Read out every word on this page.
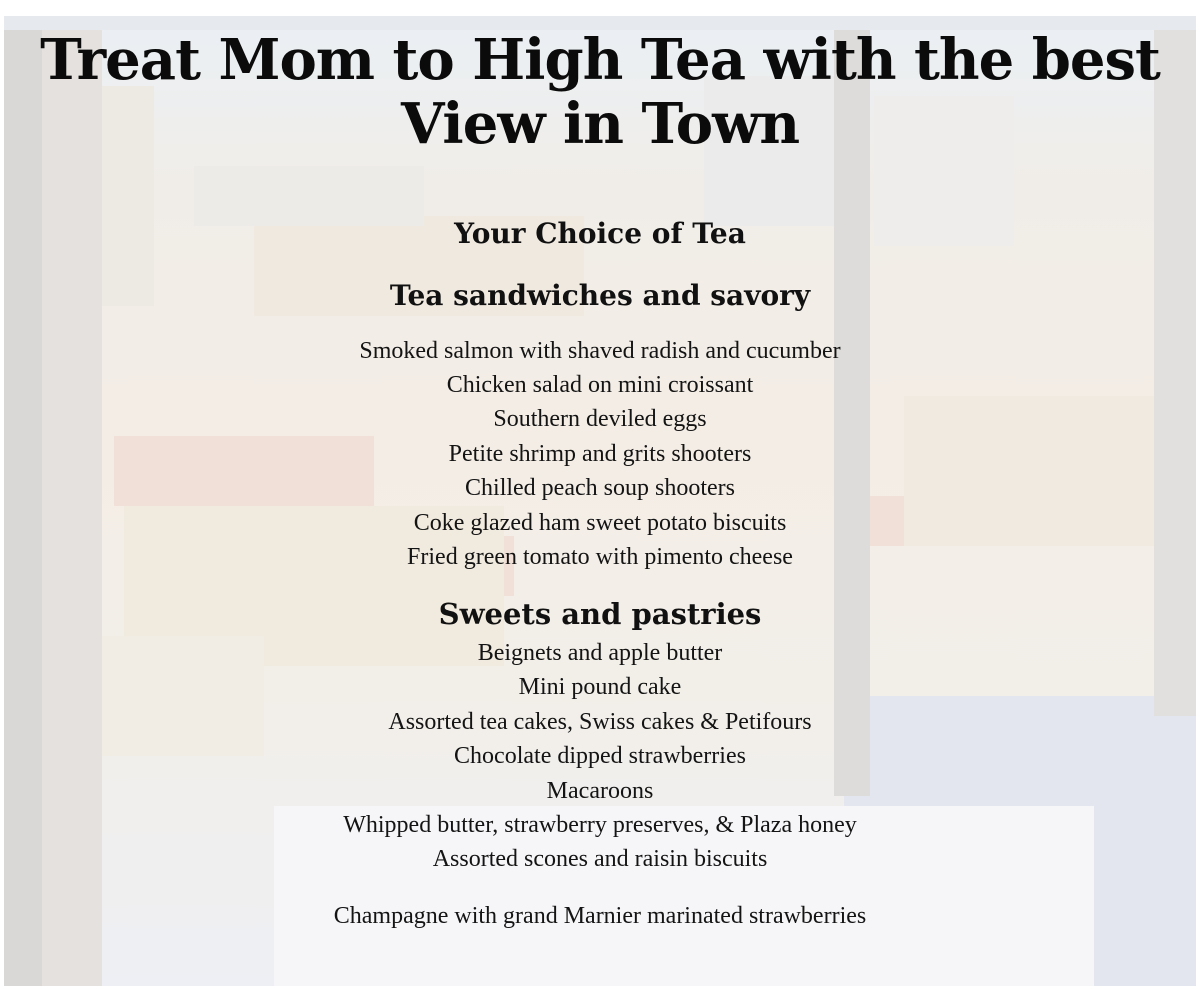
Treat Mom to High Tea with the best View in Town
Your Choice of Tea
Tea sandwiches and savory
Smoked salmon with shaved radish and cucumber
Chicken salad on mini croissant
Southern deviled eggs
Petite shrimp and grits shooters
Chilled peach soup shooters
Coke glazed ham sweet potato biscuits
Fried green tomato with pimento cheese
Sweets and pastries
Beignets and apple butter
Mini pound cake
Assorted tea cakes, Swiss cakes & Petifours
Chocolate dipped strawberries
Macaroons
Whipped butter, strawberry preserves, & Plaza honey
Assorted scones and raisin biscuits

Champagne with grand Marnier marinated strawberries
